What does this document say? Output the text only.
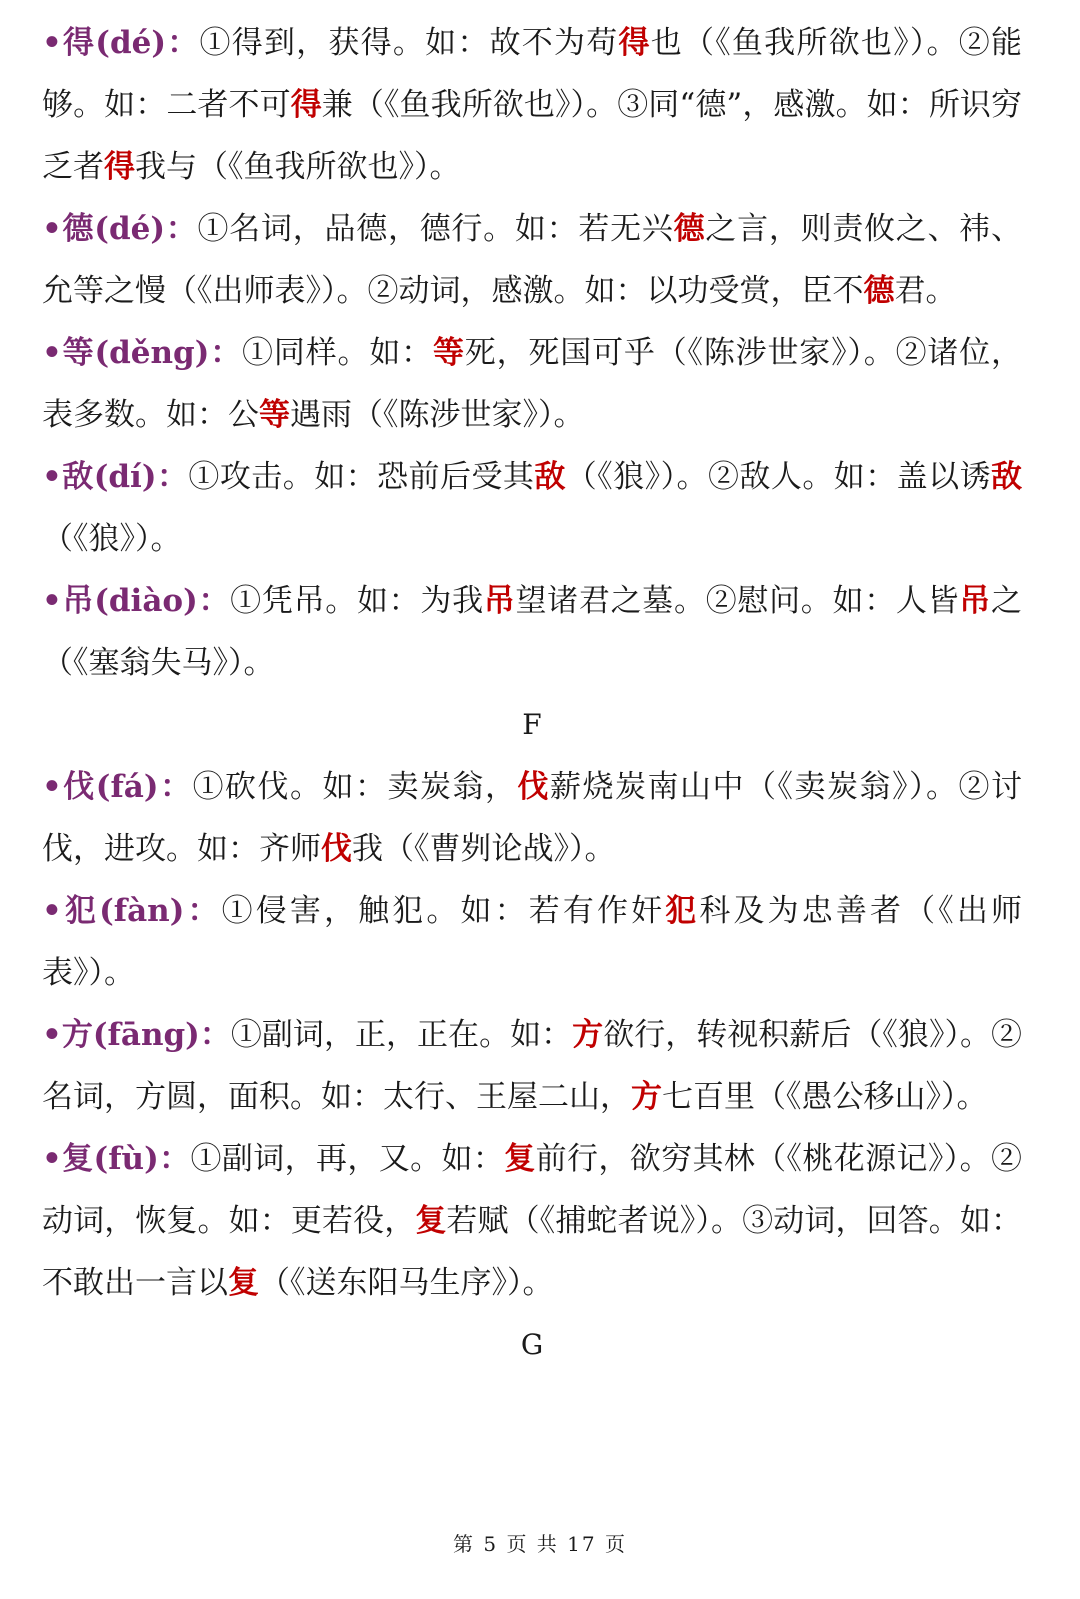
•得(dé)：①得到，获得。如：故不为苟得也（《鱼我所欲也》）。②能够。如：二者不可得兼（《鱼我所欲也》）。③同“德”，感激。如：所识穷乏者得我与（《鱼我所欲也》）。

•德(dé)：①名词，品德，德行。如：若无兴德之言，则责攸之、祎、允等之慢（《出师表》）。②动词，感激。如：以功受赏，臣不德君。

•等(děng)：①同样。如：等死，死国可乎（《陈涉世家》）。②诸位，表多数。如：公等遇雨（《陈涉世家》）。

•敌(dí)：①攻击。如：恐前后受其敌（《狼》）。②敌人。如：盖以诱敌（《狼》）。

•吊(diào)：①凭吊。如：为我吊望诸君之墓。②慰问。如：人皆吊之（《塞翁失马》）。

F

•伐(fá)：①砍伐。如：卖炭翁，伐薪烧炭南山中（《卖炭翁》）。②讨伐，进攻。如：齐师伐我（《曹刿论战》）。

•犯(fàn)：①侵害，触犯。如：若有作奸犯科及为忠善者（《出师表》）。

•方(fāng)：①副词，正，正在。如：方欲行，转视积薪后（《狼》）。②名词，方圆，面积。如：太行、王屋二山，方七百里（《愚公移山》）。

•复(fù)：①副词，再，又。如：复前行，欲穷其林（《桃花源记》）。②动词，恢复。如：更若役，复若赋（《捕蛇者说》）。③动词，回答。如：不敢出一言以复（《送东阳马生序》）。

G

第 5 页 共 17 页
